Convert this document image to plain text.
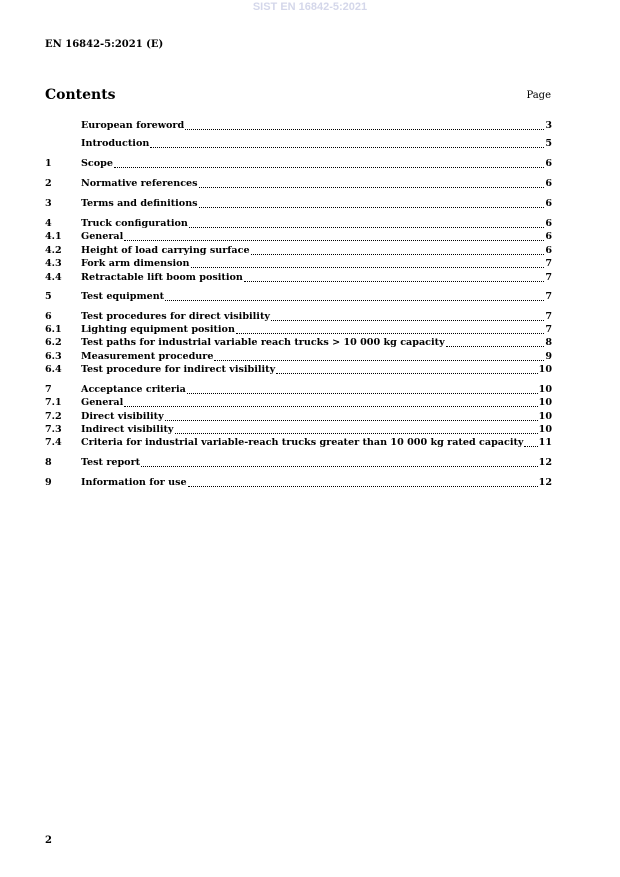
SIST EN 16842-5:2021
EN 16842-5:2021 (E)
Contents	Page
European foreword	3
Introduction	5
1	Scope	6
2	Normative references	6
3	Terms and definitions	6
4	Truck configuration	6
4.1	General	6
4.2	Height of load carrying surface	6
4.3	Fork arm dimension	7
4.4	Retractable lift boom position	7
5	Test equipment	7
6	Test procedures for direct visibility	7
6.1	Lighting equipment position	7
6.2	Test paths for industrial variable reach trucks > 10 000 kg capacity	8
6.3	Measurement procedure	9
6.4	Test procedure for indirect visibility	10
7	Acceptance criteria	10
7.1	General	10
7.2	Direct visibility	10
7.3	Indirect visibility	10
7.4	Criteria for industrial variable-reach trucks greater than 10 000 kg rated capacity 11
8	Test report	12
9	Information for use	12
2
